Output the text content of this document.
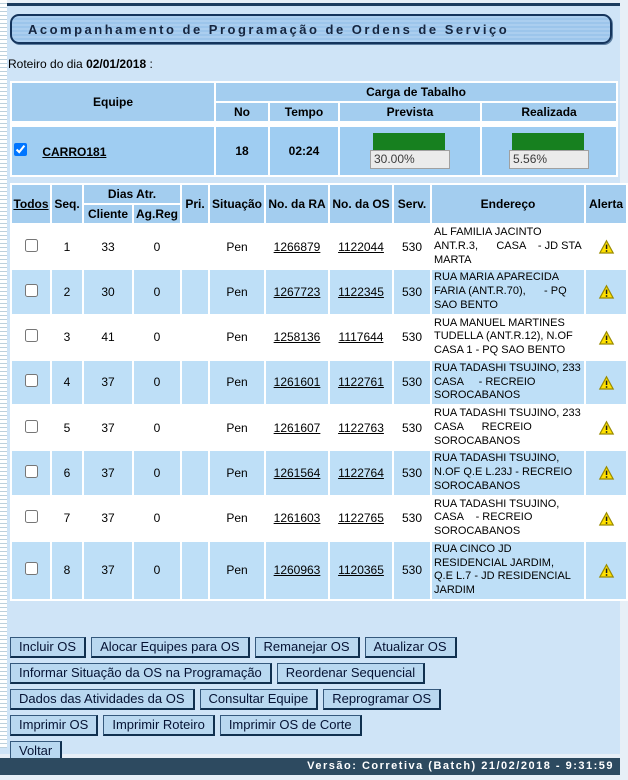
Acompanhamento de Programação de Ordens de Serviço
Roteiro do dia 02/01/2018 :
Equipe	Carga de Tabalho			
	No	Tempo	Prevista	Realizada

CARRO181	18	02:24	30.00%	5.56%
Todos	Seq.	Dias Atr.		Pri.	Situação	No. da RA	No. da OS	Serv.	Endereço	Alerta
		Cliente	Ag.Reg							
	1	33	0		Pen	1266879	1122044	530	AL FAMILIA JACINTO ANT.R.3,      CASA    - JD STA MARTA	
	2	30	0		Pen	1267723	1122345	530	RUA MARIA APARECIDA FARIA (ANT.R.70),      - PQ SAO BENTO	
	3	41	0		Pen	1258136	1117644	530	RUA MANUEL MARTINES TUDELLA (ANT.R.12), N.OF CASA 1 - PQ SAO BENTO	
	4	37	0		Pen	1261601	1122761	530	RUA TADASHI TSUJINO, 233 CASA     - RECREIO SOROCABANOS	
	5	37	0		Pen	1261607	1122763	530	RUA TADASHI TSUJINO, 233 CASA      RECREIO SOROCABANOS	
	6	37	0		Pen	1261564	1122764	530	RUA TADASHI TSUJINO,      N.OF Q.E L.23J - RECREIO SOROCABANOS	
	7	37	0		Pen	1261603	1122765	530	RUA TADASHI TSUJINO,    CASA    - RECREIO SOROCABANOS	
	8	37	0		Pen	1260963	1120365	530	RUA CINCO JD RESIDENCIAL JARDIM,       Q.E L.7 - JD RESIDENCIAL JARDIM	
Incluir OS Alocar Equipes para OS Remanejar OS Atualizar OS
Informar Situação da OS na Programação Reordenar Sequencial
Dados das Atividades da OS Consultar Equipe Reprogramar OS
Imprimir OS Imprimir Roteiro Imprimir OS de Corte
Voltar
Versão: Corretiva (Batch) 21/02/2018 - 9:31:59
